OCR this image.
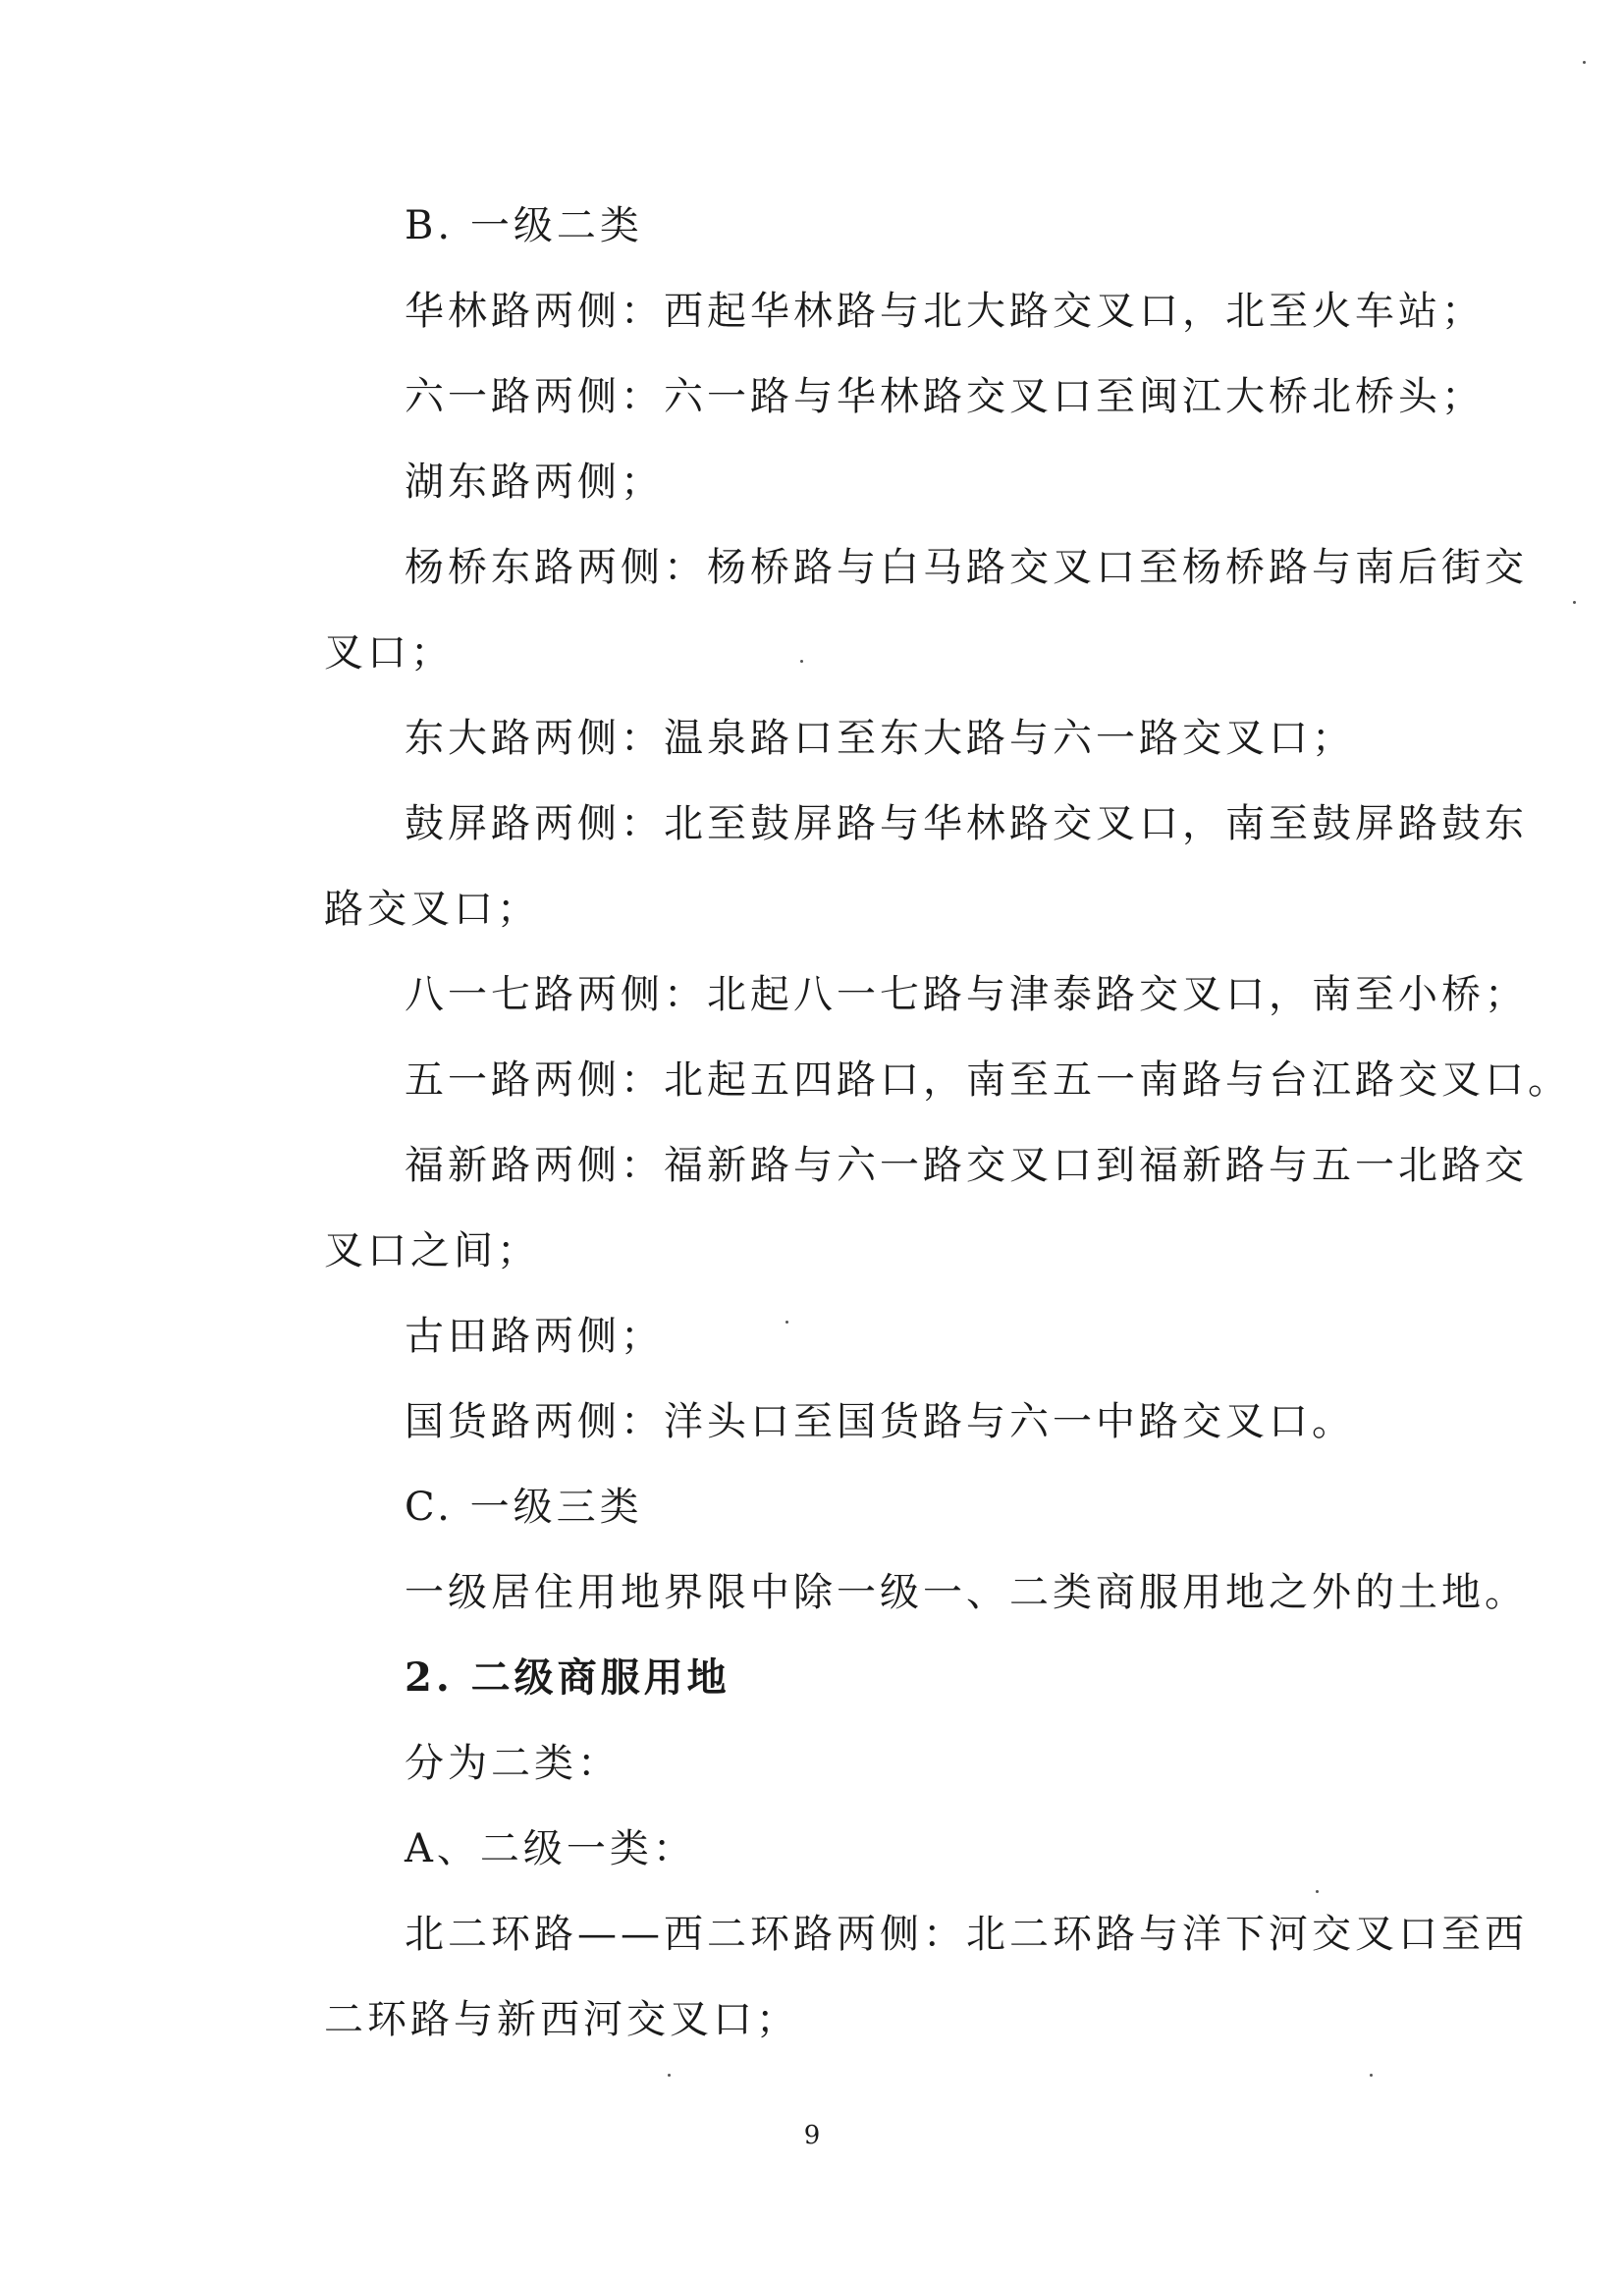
B. 一级二类
华林路两侧：西起华林路与北大路交叉口，北至火车站；
六一路两侧：六一路与华林路交叉口至闽江大桥北桥头；
湖东路两侧；
杨桥东路两侧：杨桥路与白马路交叉口至杨桥路与南后街交
叉口；
东大路两侧：温泉路口至东大路与六一路交叉口；
鼓屏路两侧：北至鼓屏路与华林路交叉口，南至鼓屏路鼓东
路交叉口；
八一七路两侧：北起八一七路与津泰路交叉口，南至小桥；
五一路两侧：北起五四路口，南至五一南路与台江路交叉口。
福新路两侧：福新路与六一路交叉口到福新路与五一北路交
叉口之间；
古田路两侧；
国货路两侧：洋头口至国货路与六一中路交叉口。
C. 一级三类
一级居住用地界限中除一级一、二类商服用地之外的土地。
2. 二级商服用地
分为二类：
A、二级一类：
北二环路——西二环路两侧：北二环路与洋下河交叉口至西
二环路与新西河交叉口；
9
